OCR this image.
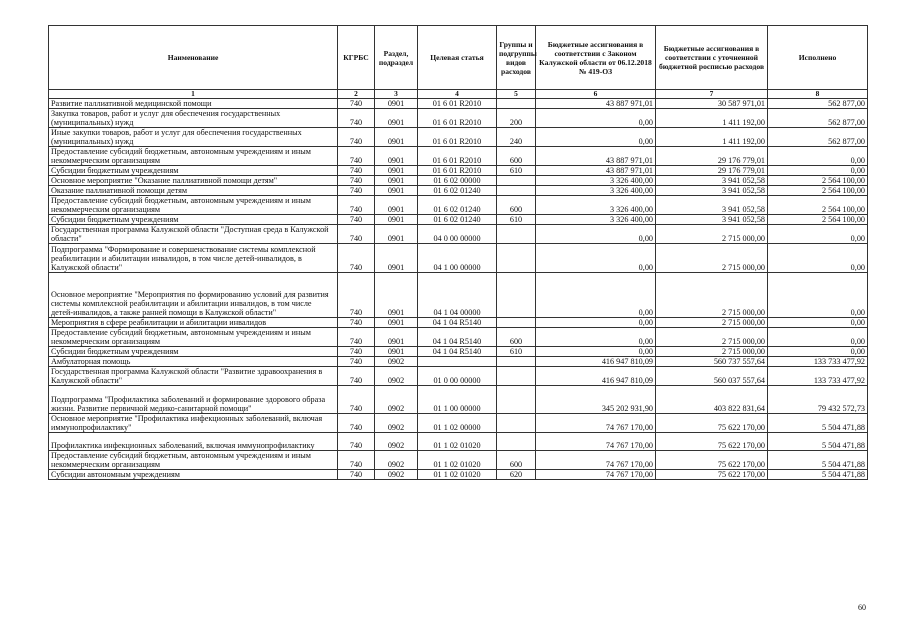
Наименование	КГРБС	Раздел, подраздел	Целевая статья	Группы и подгруппы видов расходов	Бюджетные ассигнования в соответствии с Законом Калужской области от 06.12.2018 № 419-ОЗ	Бюджетные ассигнования в соответствии с уточненной бюджетной росписью расходов	Исполнено
1	2	3	4	5	6	7	8
Развитие паллиативной медицинской помощи	740	0901	01 6 01 R2010		43 887 971,01	30 587 971,01	562 877,00
Закупка товаров, работ и услуг для обеспечения государственных (муниципальных) нужд	740	0901	01 6 01 R2010	200	0,00	1 411 192,00	562 877,00
Иные закупки товаров, работ и услуг для обеспечения государственных (муниципальных) нужд	740	0901	01 6 01 R2010	240	0,00	1 411 192,00	562 877,00
Предоставление субсидий бюджетным, автономным учреждениям и иным некоммерческим организациям	740	0901	01 6 01 R2010	600	43 887 971,01	29 176 779,01	0,00
Субсидии бюджетным учреждениям	740	0901	01 6 01 R2010	610	43 887 971,01	29 176 779,01	0,00
Основное мероприятие "Оказание паллиативной помощи детям"	740	0901	01 6 02 00000		3 326 400,00	3 941 052,58	2 564 100,00
Оказание паллиативной помощи детям	740	0901	01 6 02 01240		3 326 400,00	3 941 052,58	2 564 100,00
Предоставление субсидий бюджетным, автономным учреждениям и иным некоммерческим организациям	740	0901	01 6 02 01240	600	3 326 400,00	3 941 052,58	2 564 100,00
Субсидии бюджетным учреждениям	740	0901	01 6 02 01240	610	3 326 400,00	3 941 052,58	2 564 100,00
Государственная программа Калужской области "Доступная среда в Калужской области"	740	0901	04 0 00 00000		0,00	2 715 000,00	0,00
Подпрограмма "Формирование и совершенствование системы комплексной реабилитации и абилитации инвалидов, в том числе детей-инвалидов, в Калужской области"	740	0901	04 1 00 00000		0,00	2 715 000,00	0,00
Основное мероприятие "Мероприятия по формированию условий для развития системы комплексной реабилитации и абилитации инвалидов, в том числе детей-инвалидов, а также ранней помощи в Калужской области"	740	0901	04 1 04 00000		0,00	2 715 000,00	0,00
Мероприятия в сфере реабилитации и абилитации инвалидов	740	0901	04 1 04 R5140		0,00	2 715 000,00	0,00
Предоставление субсидий бюджетным, автономным учреждениям и иным некоммерческим организациям	740	0901	04 1 04 R5140	600	0,00	2 715 000,00	0,00
Субсидии бюджетным учреждениям	740	0901	04 1 04 R5140	610	0,00	2 715 000,00	0,00
Амбулаторная помощь	740	0902			416 947 810,09	560 737 557,64	133 733 477,92
Государственная программа Калужской области "Развитие здравоохранения в Калужской области"	740	0902	01 0 00 00000		416 947 810,09	560 037 557,64	133 733 477,92
Подпрограмма "Профилактика заболеваний и формирование здорового образа жизни. Развитие первичной медико-санитарной помощи"	740	0902	01 1 00 00000		345 202 931,90	403 822 831,64	79 432 572,73
Основное мероприятие "Профилактика инфекционных заболеваний, включая иммунопрофилактику"	740	0902	01 1 02 00000		74 767 170,00	75 622 170,00	5 504 471,88
Профилактика инфекционных заболеваний, включая иммунопрофилактику	740	0902	01 1 02 01020		74 767 170,00	75 622 170,00	5 504 471,88
Предоставление субсидий бюджетным, автономным учреждениям и иным некоммерческим организациям	740	0902	01 1 02 01020	600	74 767 170,00	75 622 170,00	5 504 471,88
Субсидии автономным учреждениям	740	0902	01 1 02 01020	620	74 767 170,00	75 622 170,00	5 504 471,88
60
